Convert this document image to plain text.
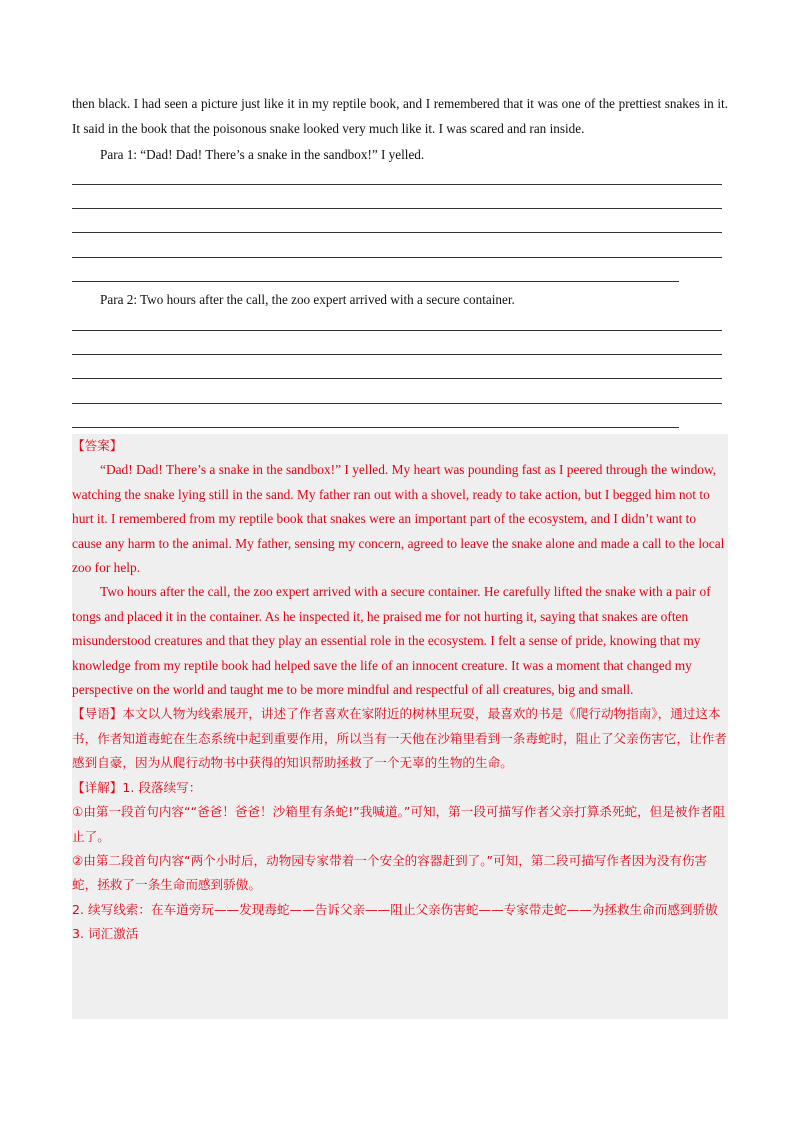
then black. I had seen a picture just like it in my reptile book, and I remembered that it was one of the prettiest snakes in it. It said in the book that the poisonous snake looked very much like it. I was scared and ran inside.

Para 1: “Dad! Dad! There’s a snake in the sandbox!” I yelled.
Para 2: Two hours after the call, the zoo expert arrived with a secure container.

【答案】

“Dad! Dad! There’s a snake in the sandbox!” I yelled. My heart was pounding fast as I peered through the window, watching the snake lying still in the sand. My father ran out with a shovel, ready to take action, but I begged him not to hurt it. I remembered from my reptile book that snakes were an important part of the ecosystem, and I didn’t want to cause any harm to the animal. My father, sensing my concern, agreed to leave the snake alone and made a call to the local zoo for help.

Two hours after the call, the zoo expert arrived with a secure container. He carefully lifted the snake with a pair of tongs and placed it in the container. As he inspected it, he praised me for not hurting it, saying that snakes are often misunderstood creatures and that they play an essential role in the ecosystem. I felt a sense of pride, knowing that my knowledge from my reptile book had helped save the life of an innocent creature. It was a moment that changed my perspective on the world and taught me to be more mindful and respectful of all creatures, big and small.

【导语】本文以人物为线索展开，讲述了作者喜欢在家附近的树林里玩耍，最喜欢的书是《爬行动物指南》，通过这本书，作者知道毒蛇在生态系统中起到重要作用，所以当有一天他在沙箱里看到一条毒蛇时，阻止了父亲伤害它，让作者感到自豪，因为从爬行动物书中获得的知识帮助拯救了一个无辜的生物的生命。

【详解】1. 段落续写：

①由第一段首句内容““爸爸！爸爸！沙箱里有条蛇!”我喊道。”可知，第一段可描写作者父亲打算杀死蛇，但是被作者阻止了。

②由第二段首句内容“两个小时后，动物园专家带着一个安全的容器赶到了。”可知，第二段可描写作者因为没有伤害蛇，拯救了一条生命而感到骄傲。

2. 续写线索：在车道旁玩——发现毒蛇——告诉父亲——阻止父亲伤害蛇——专家带走蛇——为拯救生命而感到骄傲

3. 词汇激活
